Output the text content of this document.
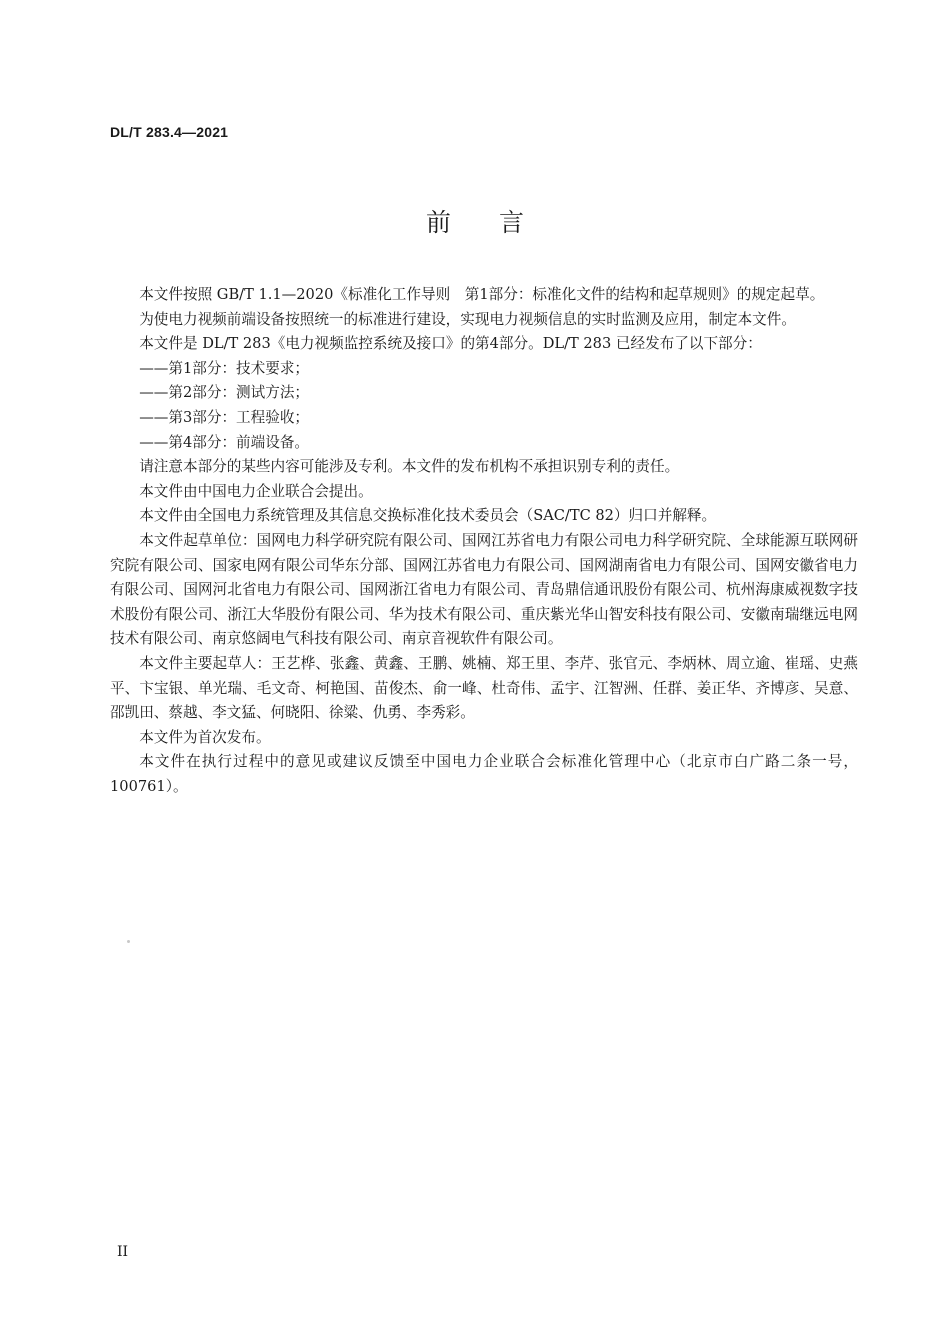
DL/T 283.4—2021
前言

本文件按照 GB/T 1.1—2020《标准化工作导则　第1部分：标准化文件的结构和起草规则》的规定起草。

为使电力视频前端设备按照统一的标准进行建设，实现电力视频信息的实时监测及应用，制定本文件。

本文件是 DL/T 283《电力视频监控系统及接口》的第4部分。DL/T 283 已经发布了以下部分：

——第1部分：技术要求；

——第2部分：测试方法；

——第3部分：工程验收；

——第4部分：前端设备。

请注意本部分的某些内容可能涉及专利。本文件的发布机构不承担识别专利的责任。

本文件由中国电力企业联合会提出。

本文件由全国电力系统管理及其信息交换标准化技术委员会（SAC/TC 82）归口并解释。

本文件起草单位：国网电力科学研究院有限公司、国网江苏省电力有限公司电力科学研究院、全球能源互联网研究院有限公司、国家电网有限公司华东分部、国网江苏省电力有限公司、国网湖南省电力有限公司、国网安徽省电力有限公司、国网河北省电力有限公司、国网浙江省电力有限公司、青岛鼎信通讯股份有限公司、杭州海康威视数字技术股份有限公司、浙江大华股份有限公司、华为技术有限公司、重庆紫光华山智安科技有限公司、安徽南瑞继远电网技术有限公司、南京悠阔电气科技有限公司、南京音视软件有限公司。

本文件主要起草人：王艺桦、张鑫、黄鑫、王鹏、姚楠、郑王里、李芹、张官元、李炳林、周立逾、崔瑶、史燕平、卞宝银、单光瑞、毛文奇、柯艳国、苗俊杰、俞一峰、杜奇伟、孟宇、江智洲、任群、姜正华、齐博彦、吴意、邵凯田、蔡越、李文猛、何晓阳、徐粱、仇勇、李秀彩。

本文件为首次发布。

本文件在执行过程中的意见或建议反馈至中国电力企业联合会标准化管理中心（北京市白广路二条一号，100761）。

II
